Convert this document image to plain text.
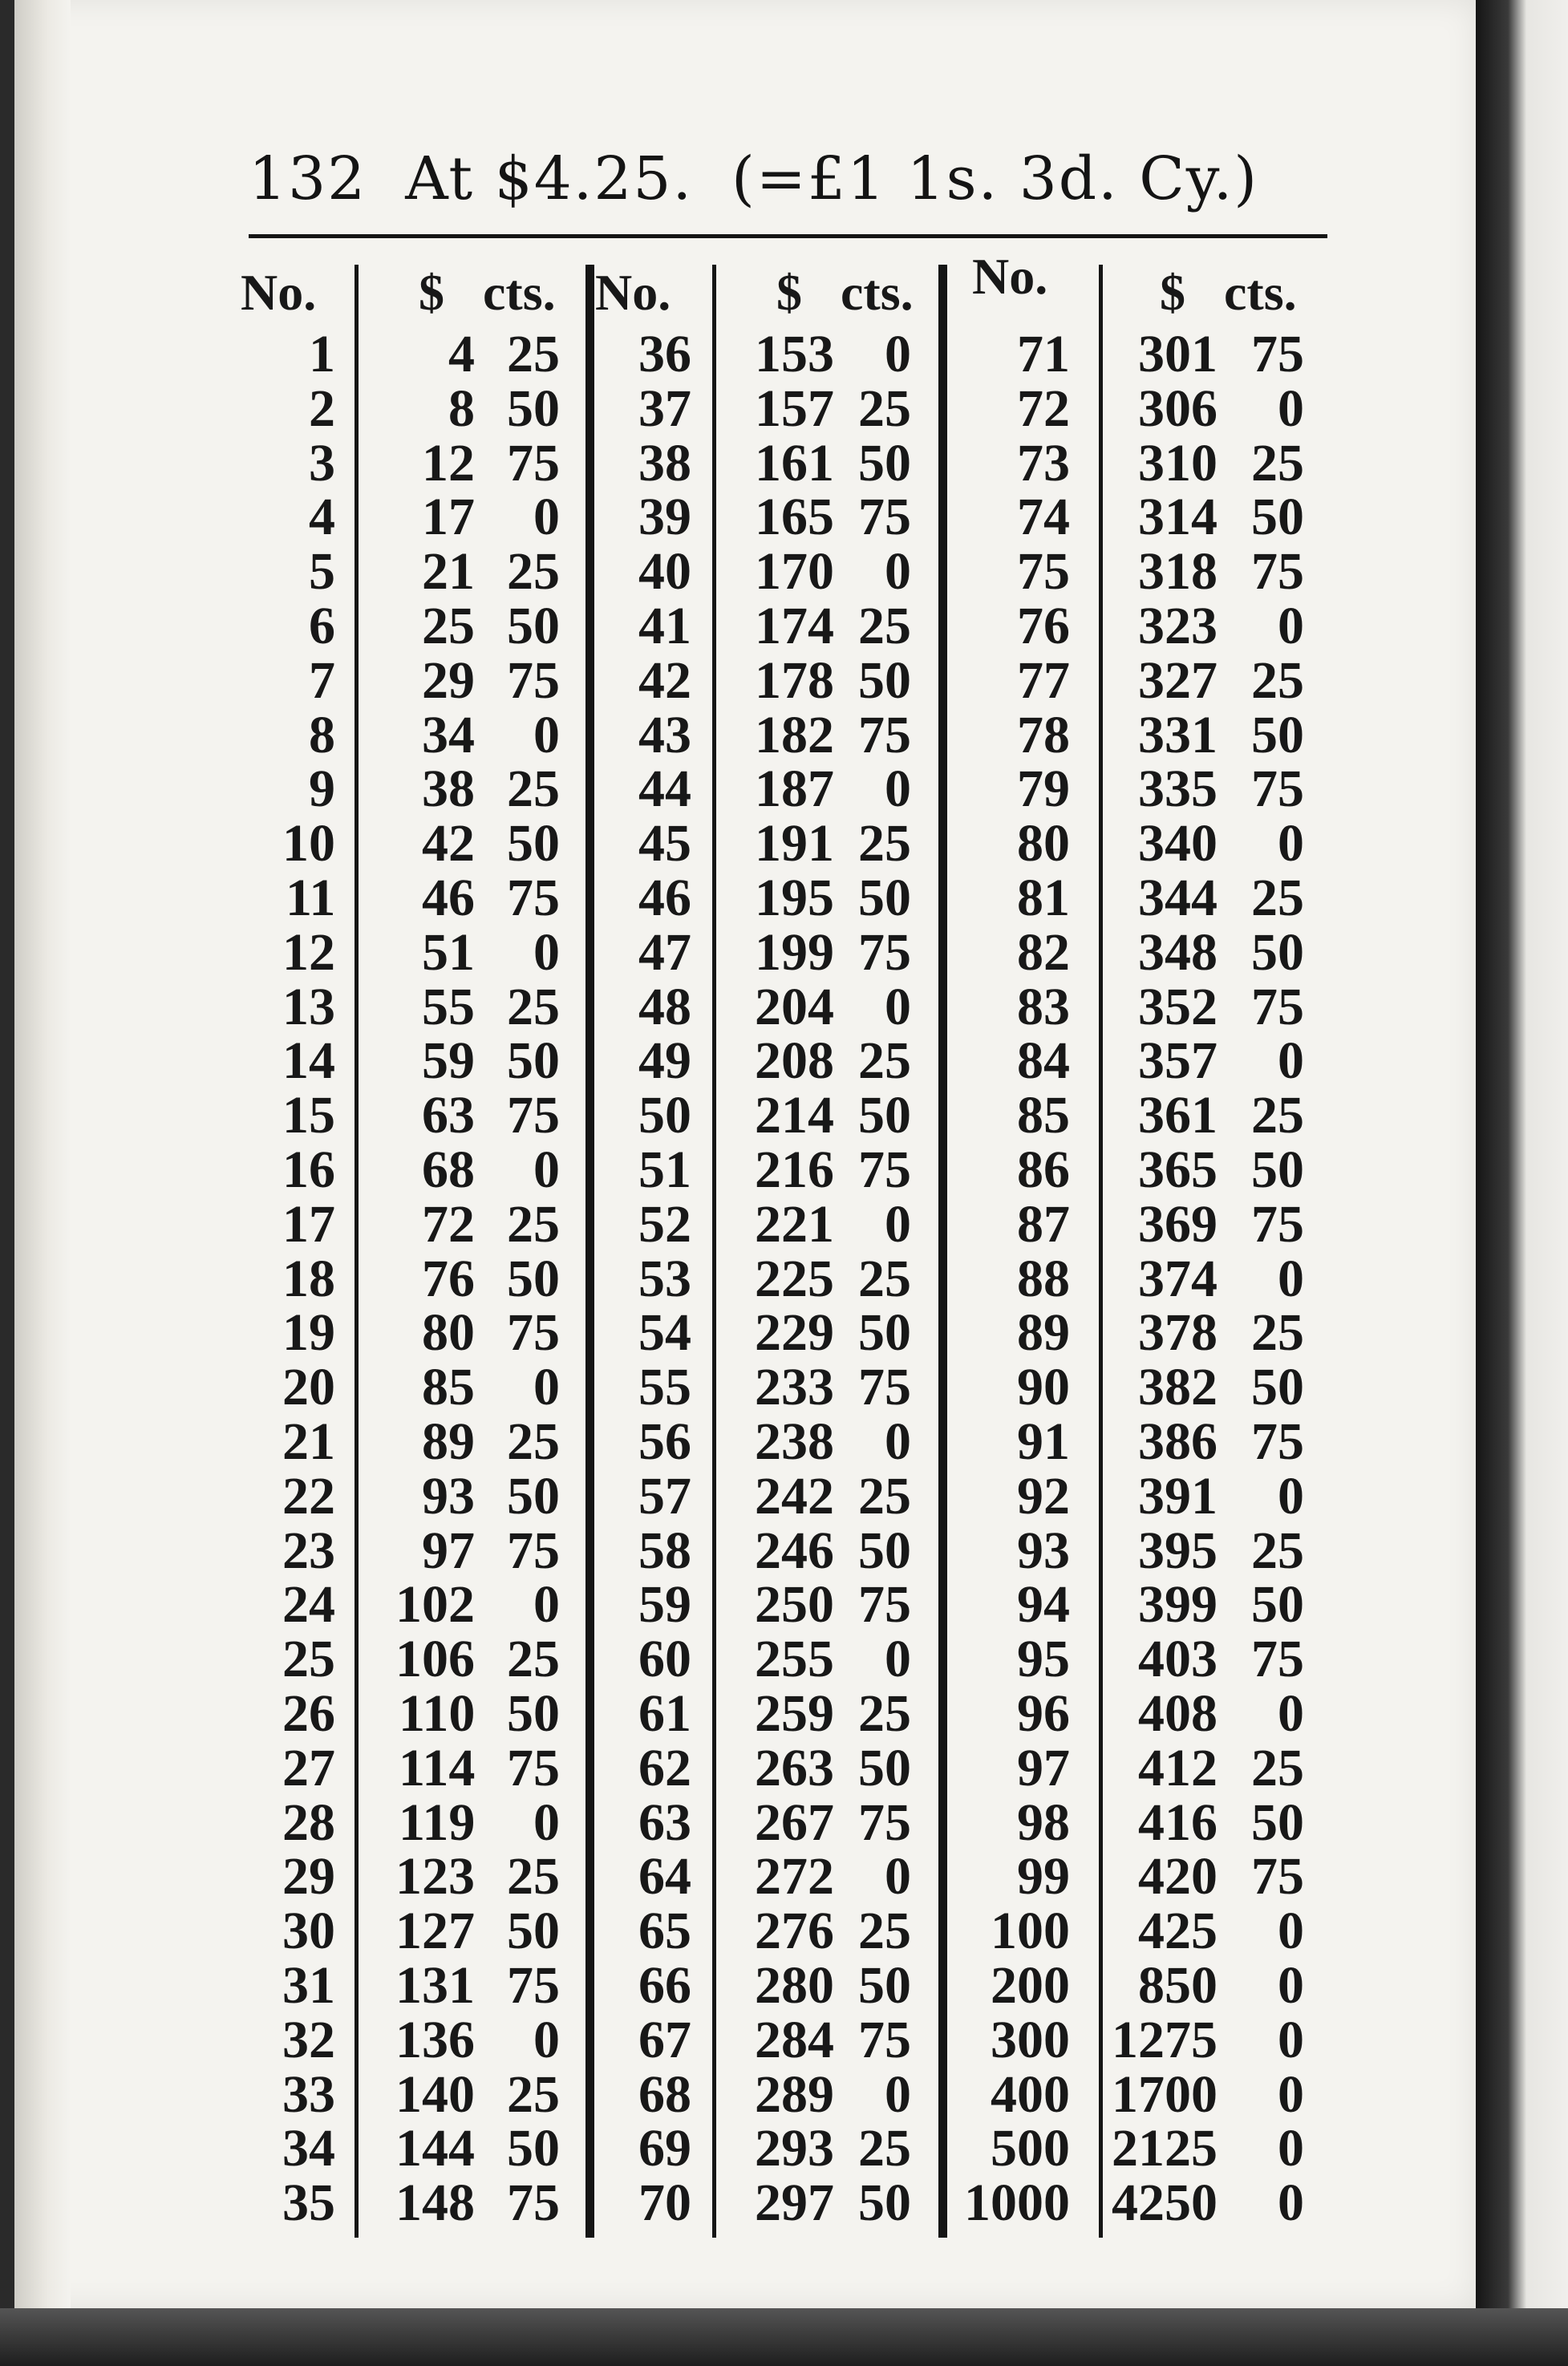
132 At $4.25. (=£1 1s. 3d. Cy.)
No. $ cts. No. $ cts. No. $ cts.
1 4 25 36 153 0 71 301 75
2 8 50 37 157 25 72 306 0
3 12 75 38 161 50 73 310 25
4 17 0 39 165 75 74 314 50
5 21 25 40 170 0 75 318 75
6 25 50 41 174 25 76 323 0
7 29 75 42 178 50 77 327 25
8 34 0 43 182 75 78 331 50
9 38 25 44 187 0 79 335 75
10 42 50 45 191 25 80 340 0
11 46 75 46 195 50 81 344 25
12 51 0 47 199 75 82 348 50
13 55 25 48 204 0 83 352 75
14 59 50 49 208 25 84 357 0
15 63 75 50 214 50 85 361 25
16 68 0 51 216 75 86 365 50
17 72 25 52 221 0 87 369 75
18 76 50 53 225 25 88 374 0
19 80 75 54 229 50 89 378 25
20 85 0 55 233 75 90 382 50
21 89 25 56 238 0 91 386 75
22 93 50 57 242 25 92 391 0
23 97 75 58 246 50 93 395 25
24 102 0 59 250 75 94 399 50
25 106 25 60 255 0 95 403 75
26 110 50 61 259 25 96 408 0
27 114 75 62 263 50 97 412 25
28 119 0 63 267 75 98 416 50
29 123 25 64 272 0 99 420 75
30 127 50 65 276 25 100 425 0
31 131 75 66 280 50 200 850 0
32 136 0 67 284 75 300 1275 0
33 140 25 68 289 0 400 1700 0
34 144 50 69 293 25 500 2125 0
35 148 75 70 297 50 1000 4250 0
